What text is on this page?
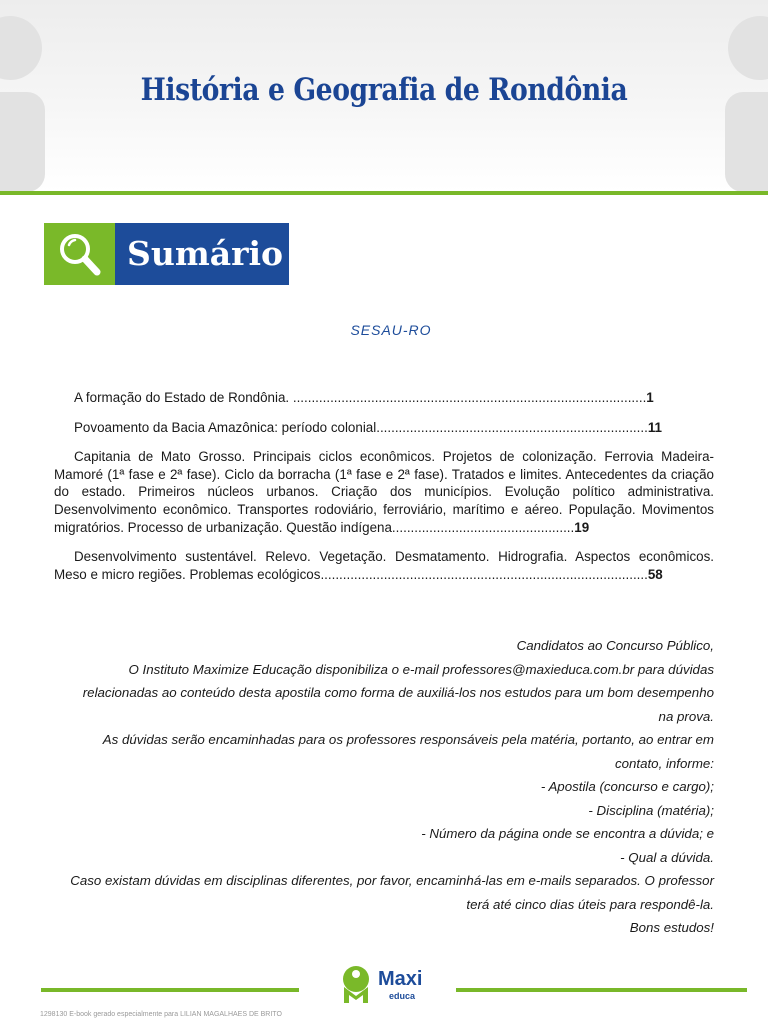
História e Geografia de Rondônia
Sumário
SESAU-RO

A formação do Estado de Rondônia. ...............................................................................................1

Povoamento da Bacia Amazônica: período colonial.........................................................................11

Capitania de Mato Grosso. Principais ciclos econômicos. Projetos de colonização. Ferrovia Madeira-Mamoré (1ª fase e 2ª fase). Ciclo da borracha (1ª fase e 2ª fase). Tratados e limites. Antecedentes da criação do estado. Primeiros núcleos urbanos. Criação dos municípios. Evolução político administrativa. Desenvolvimento econômico. Transportes rodoviário, ferroviário, marítimo e aéreo. População. Movimentos migratórios. Processo de urbanização. Questão indígena.................................................19

Desenvolvimento sustentável. Relevo. Vegetação. Desmatamento. Hidrografia. Aspectos econômicos. Meso e micro regiões. Problemas ecológicos........................................................................................58

Candidatos ao Concurso Público,

O Instituto Maximize Educação disponibiliza o e-mail professores@maxieduca.com.br para dúvidas relacionadas ao conteúdo desta apostila como forma de auxiliá-los nos estudos para um bom desempenho na prova.

As dúvidas serão encaminhadas para os professores responsáveis pela matéria, portanto, ao entrar em contato, informe:

- Apostila (concurso e cargo);

- Disciplina (matéria);

- Número da página onde se encontra a dúvida; e

- Qual a dúvida.

Caso existam dúvidas em disciplinas diferentes, por favor, encaminhá-las em e-mails separados. O professor terá até cinco dias úteis para respondê-la.

Bons estudos!

Maxi
educa
1298130 E-book gerado especialmente para LILIAN MAGALHAES DE BRITO
